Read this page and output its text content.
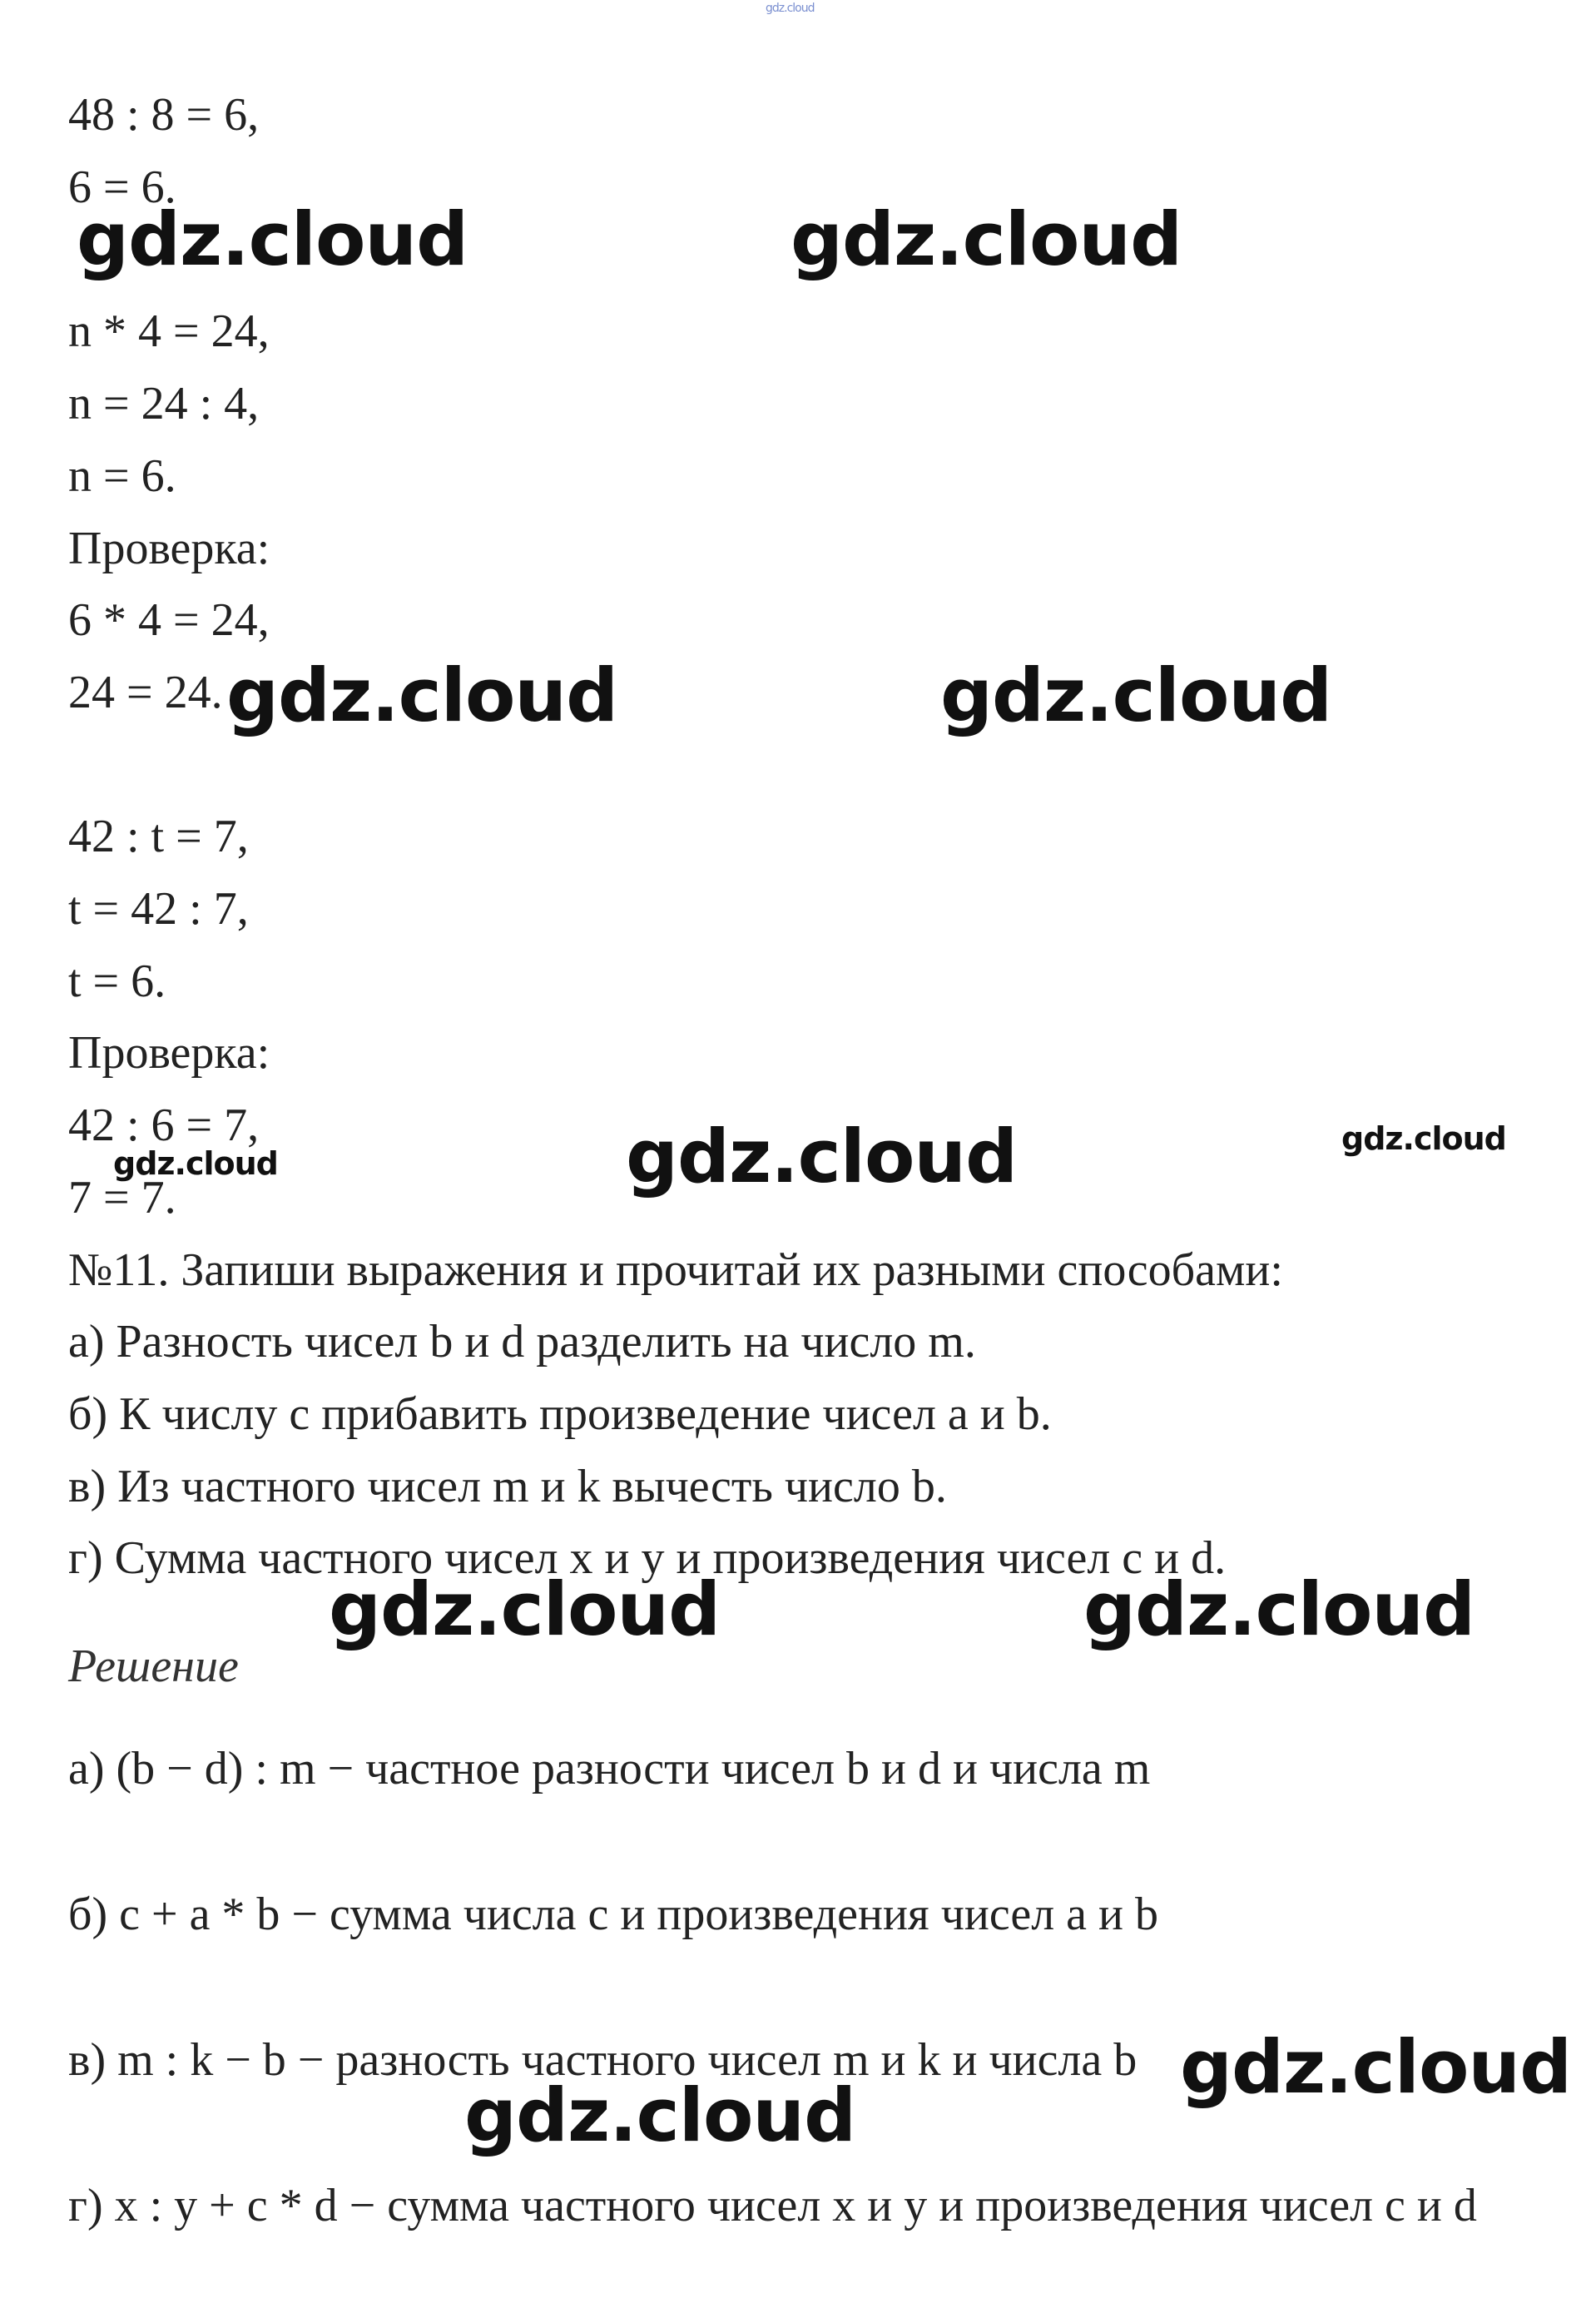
gdz.cloud

48 : 8 = 6,

6 = 6.

gdz.cloud	gdz.cloud

n * 4 = 24,

n = 24 : 4,

n = 6.

Проверка:

6 * 4 = 24,

24 = 24. gdz.cloud	gdz.cloud

42 : t = 7,

t = 42 : 7,

t = 6.

Проверка:

42 : 6 = 7,

gdz.cloud	gdz.cloud	gdz.cloud

7 = 7.

№11. Запиши выражения и прочитай их разными способами:

а) Разность чисел b и d разделить на число m.

б) К числу с прибавить произведение чисел a и b.

в) Из частного чисел m и k вычесть число b.

г) Сумма частного чисел x и y и произведения чисел c и d.

gdz.cloud	gdz.cloud

Решение

а) (b − d) : m − частное разности чисел b и d и числа m

б) c + a * b − сумма числа c и произведения чисел a и b

в) m : k − b − разность частного чисел m и k и числа b gdz.cloud
gdz.cloud

г) x : y + c * d − сумма частного чисел x и y и произведения чисел c и d
